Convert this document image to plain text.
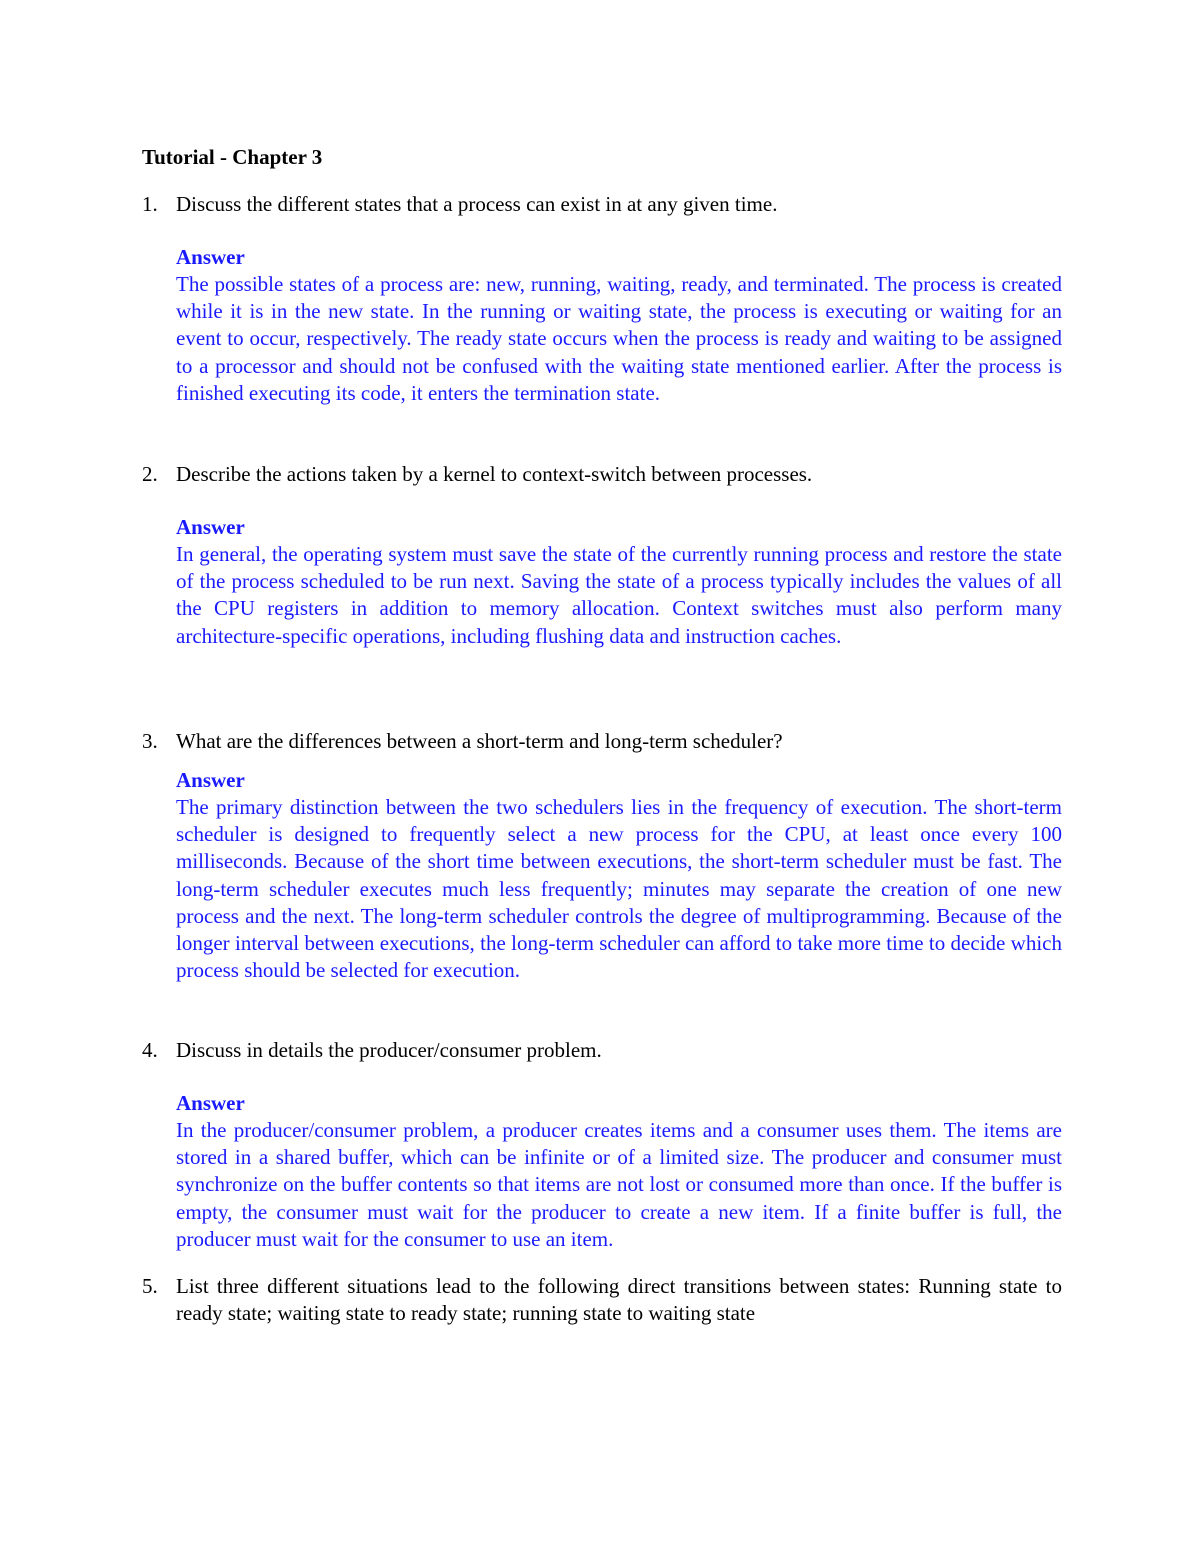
Tutorial - Chapter 3
1. Discuss the different states that a process can exist in at any given time.

Answer

The possible states of a process are: new, running, waiting, ready, and terminated. The process is created while it is in the new state. In the running or waiting state, the process is executing or waiting for an event to occur, respectively. The ready state occurs when the process is ready and waiting to be assigned to a processor and should not be confused with the waiting state mentioned earlier. After the process is finished executing its code, it enters the termination state.

2. Describe the actions taken by a kernel to context-switch between processes.

Answer

In general, the operating system must save the state of the currently running process and restore the state of the process scheduled to be run next. Saving the state of a process typically includes the values of all the CPU registers in addition to memory allocation. Context switches must also perform many architecture-specific operations, including flushing data and instruction caches.

3. What are the differences between a short-term and long-term scheduler?

Answer

The primary distinction between the two schedulers lies in the frequency of execution. The short-term scheduler is designed to frequently select a new process for the CPU, at least once every 100 milliseconds. Because of the short time between executions, the short-term scheduler must be fast. The long-term scheduler executes much less frequently; minutes may separate the creation of one new process and the next. The long-term scheduler controls the degree of multiprogramming. Because of the longer interval between executions, the long-term scheduler can afford to take more time to decide which process should be selected for execution.

4. Discuss in details the producer/consumer problem.

Answer

In the producer/consumer problem, a producer creates items and a consumer uses them. The items are stored in a shared buffer, which can be infinite or of a limited size. The producer and consumer must synchronize on the buffer contents so that items are not lost or consumed more than once. If the buffer is empty, the consumer must wait for the producer to create a new item. If a finite buffer is full, the producer must wait for the consumer to use an item.

5. List three different situations lead to the following direct transitions between states: Running state to ready state; waiting state to ready state; running state to waiting state
